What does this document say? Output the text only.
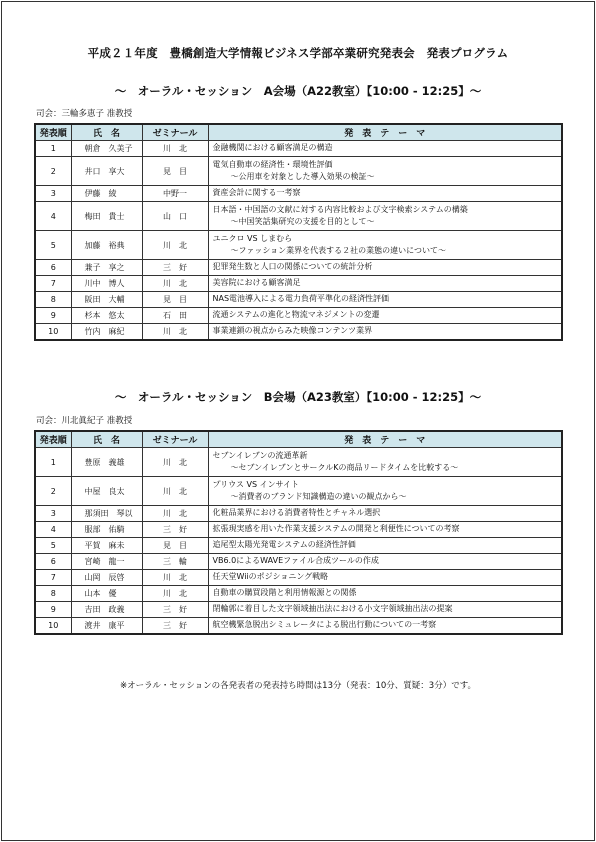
平成２１年度　豊橋創造大学情報ビジネス学部卒業研究発表会　発表プログラム
〜　オーラル・セッション　A会場（A22教室）【10:00 - 12:25】〜
司会：三輪多恵子 准教授
発表順	氏　名	ゼミナール	発　表　テ　ー　マ
1	朝倉　久美子	川　北	金融機関における顧客満足の構造

2	井口　享大	見　目	電気自動車の経済性・環境性評価
〜公用車を対象とした導入効果の検証〜

3	伊藤　綾	中野一	資産会計に関する一考察

4	梅田　貴士	山　口	日本語・中国語の文献に対する内容比較および文字検索システムの構築
〜中国笑話集研究の支援を目的として〜

5	加藤　裕典	川　北	ユニクロ VS しまむら
〜ファッション業界を代表する２社の業態の違いについて〜

6	兼子　享之	三　好	犯罪発生数と人口の関係についての統計分析

7	川中　博人	川　北	美容院における顧客満足

8	阪田　大輔	見　目	NAS電池導入による電力負荷平準化の経済性評価

9	杉本　悠太	石　田	流通システムの進化と物流マネジメントの変遷

10	竹内　麻紀	川　北	事業連鎖の視点からみた映像コンテンツ業界
〜　オーラル・セッション　B会場（A23教室）【10:00 - 12:25】〜
司会：川北眞紀子 准教授
発表順	氏　名	ゼミナール	発　表　テ　ー　マ
1	豊原　義雄	川　北	セブンイレブンの流通革新
〜セブンイレブンとサークルKの商品リードタイムを比較する〜

2	中屋　良太	川　北	プリウス VS インサイト
〜消費者のブランド知識構造の違いの観点から〜

3	那須田　琴以	川　北	化粧品業界における消費者特性とチャネル選択

4	服部　佑騎	三　好	拡張現実感を用いた作業支援システムの開発と利便性についての考察

5	平賀　麻未	見　目	追尾型太陽光発電システムの経済性評価

6	宮崎　龍一	三　輪	VB6.0によるWAVEファイル合成ツールの作成

7	山岡　辰啓	川　北	任天堂Wiiのポジショニング戦略

8	山本　優	川　北	自動車の購買段階と利用情報源との関係

9	吉田　政義	三　好	閉輪郭に着目した文字領域抽出法における小文字領域抽出法の提案

10	渡井　康平	三　好	航空機緊急脱出シミュレータによる脱出行動についての一考察
※オーラル・セッションの各発表者の発表持ち時間は13分（発表：10分、質疑：3分）です。
